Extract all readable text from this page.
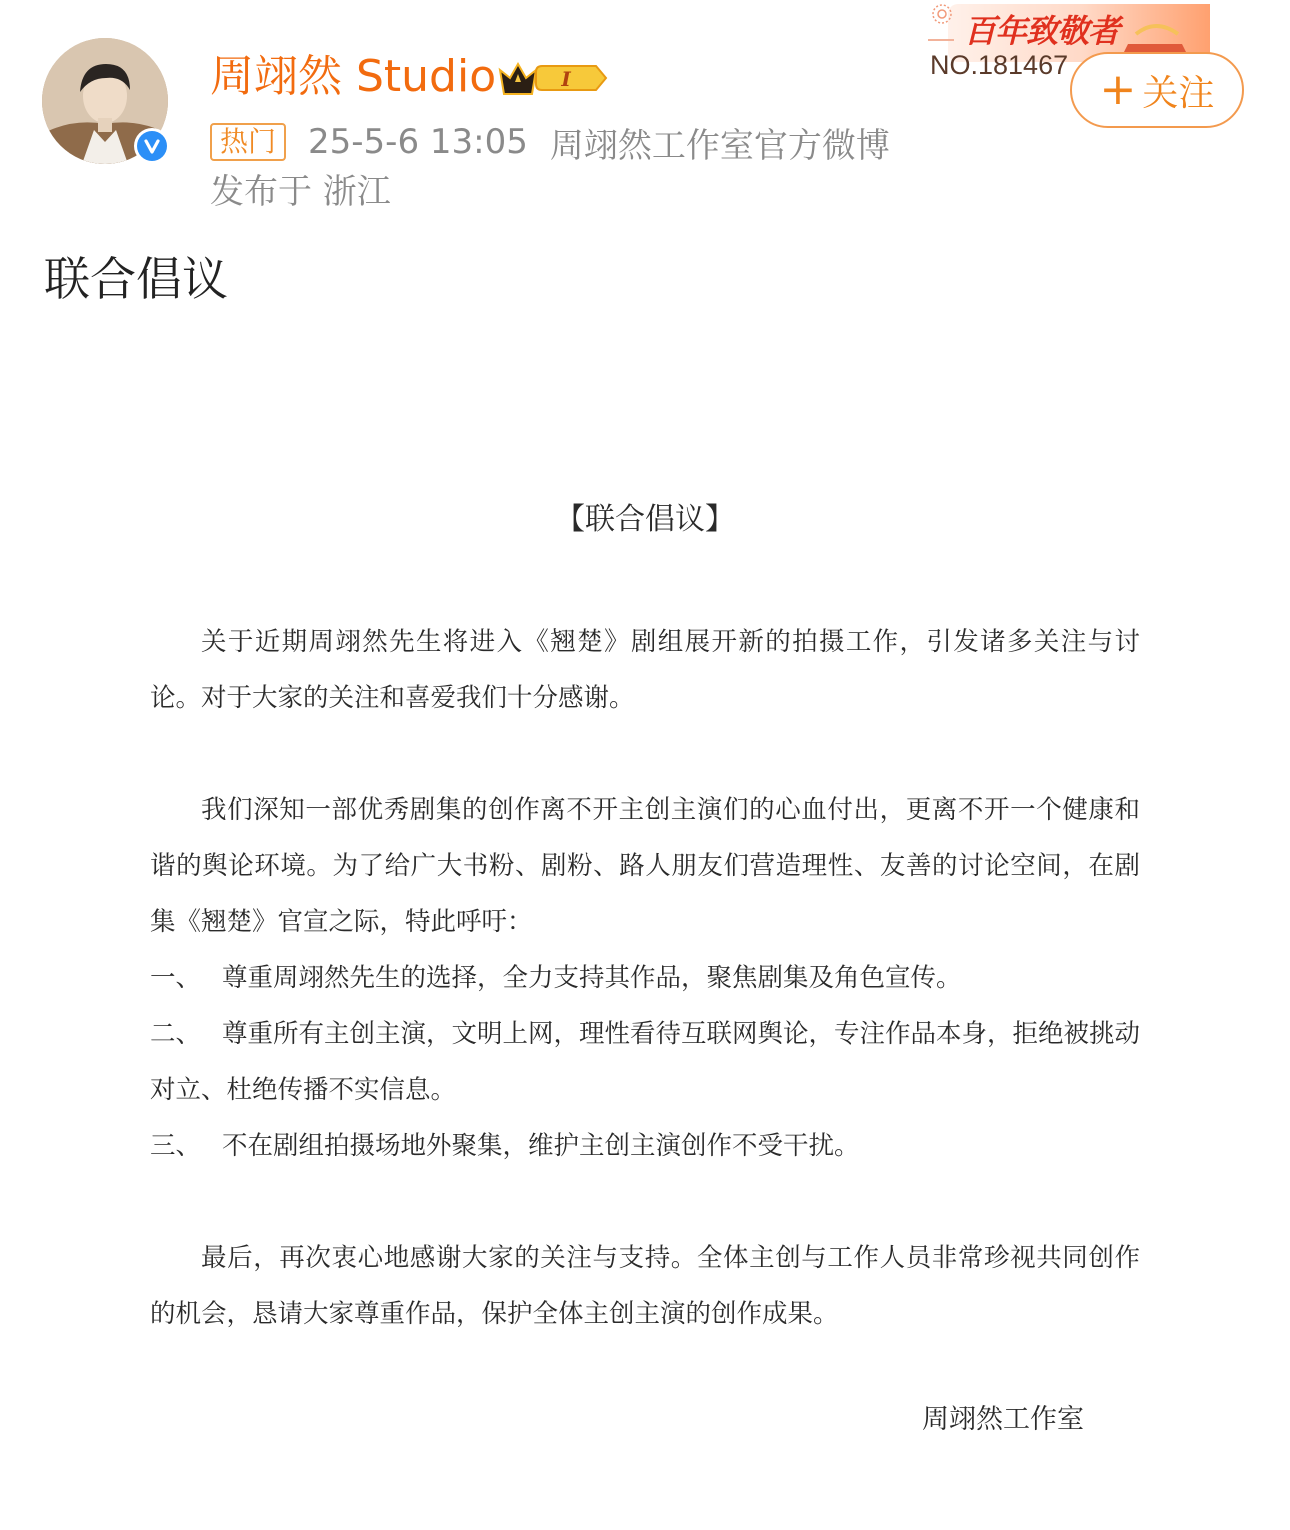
周翊然 Studio	I
热门 25-5-6 13:05 周翊然工作室官方微博
发布于 浙江
百年致敬者
NO.181467 + 关注
联合倡议
【联合倡议】

关于近期周翊然先生将进入《翘楚》剧组展开新的拍摄工作，引发诸多关注与讨论。对于大家的关注和喜爱我们十分感谢。

我们深知一部优秀剧集的创作离不开主创主演们的心血付出，更离不开一个健康和谐的舆论环境。为了给广大书粉、剧粉、路人朋友们营造理性、友善的讨论空间，在剧集《翘楚》官宣之际，特此呼吁：

一、 尊重周翊然先生的选择，全力支持其作品，聚焦剧集及角色宣传。

二、 尊重所有主创主演，文明上网，理性看待互联网舆论，专注作品本身，拒绝被挑动对立、杜绝传播不实信息。

三、 不在剧组拍摄场地外聚集，维护主创主演创作不受干扰。

最后，再次衷心地感谢大家的关注与支持。全体主创与工作人员非常珍视共同创作的机会，恳请大家尊重作品，保护全体主创主演的创作成果。

周翊然工作室
